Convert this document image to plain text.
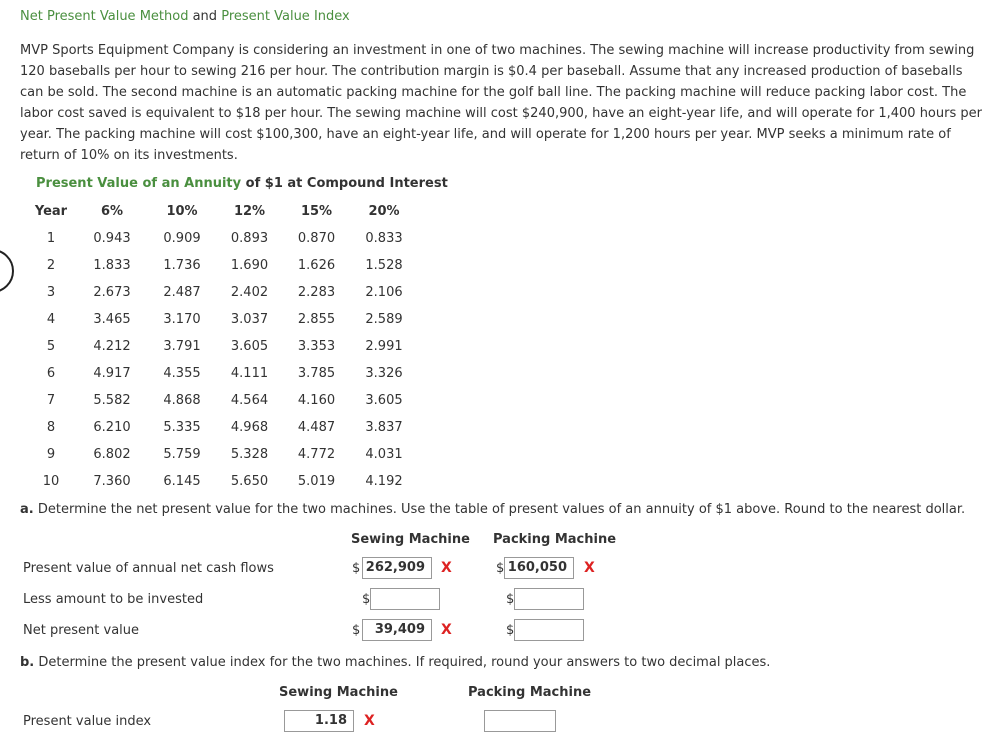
Net Present Value Method and Present Value Index
MVP Sports Equipment Company is considering an investment in one of two machines. The sewing machine will increase productivity from sewing 120 baseballs per hour to sewing 216 per hour. The contribution margin is $0.4 per baseball. Assume that any increased production of baseballs can be sold. The second machine is an automatic packing machine for the golf ball line. The packing machine will reduce packing labor cost. The labor cost saved is equivalent to $18 per hour. The sewing machine will cost $240,900, have an eight-year life, and will operate for 1,400 hours per year. The packing machine will cost $100,300, have an eight-year life, and will operate for 1,200 hours per year. MVP seeks a minimum rate of return of 10% on its investments.
Present Value of an Annuity of $1 at Compound Interest
Year	6%	10%	12%	15%	20%
1	0.943	0.909	0.893	0.870	0.833
2	1.833	1.736	1.690	1.626	1.528
3	2.673	2.487	2.402	2.283	2.106
4	3.465	3.170	3.037	2.855	2.589
5	4.212	3.791	3.605	3.353	2.991
6	4.917	4.355	4.111	3.785	3.326
7	5.582	4.868	4.564	4.160	3.605
8	6.210	5.335	4.968	4.487	3.837
9	6.802	5.759	5.328	4.772	4.031
10	7.360	6.145	5.650	5.019	4.192
a. Determine the net present value for the two machines. Use the table of present values of an annuity of $1 above. Round to the nearest dollar.
Sewing Machine Packing Machine
Present value of annual net cash flows	$ 262,909	X	$ 160,050	X
Less amount to be invested	$	$
Net present value	$	39,409	X	$
b. Determine the present value index for the two machines. If required, round your answers to two decimal places.
Sewing Machine	Packing Machine
Present value index	1.18	X
